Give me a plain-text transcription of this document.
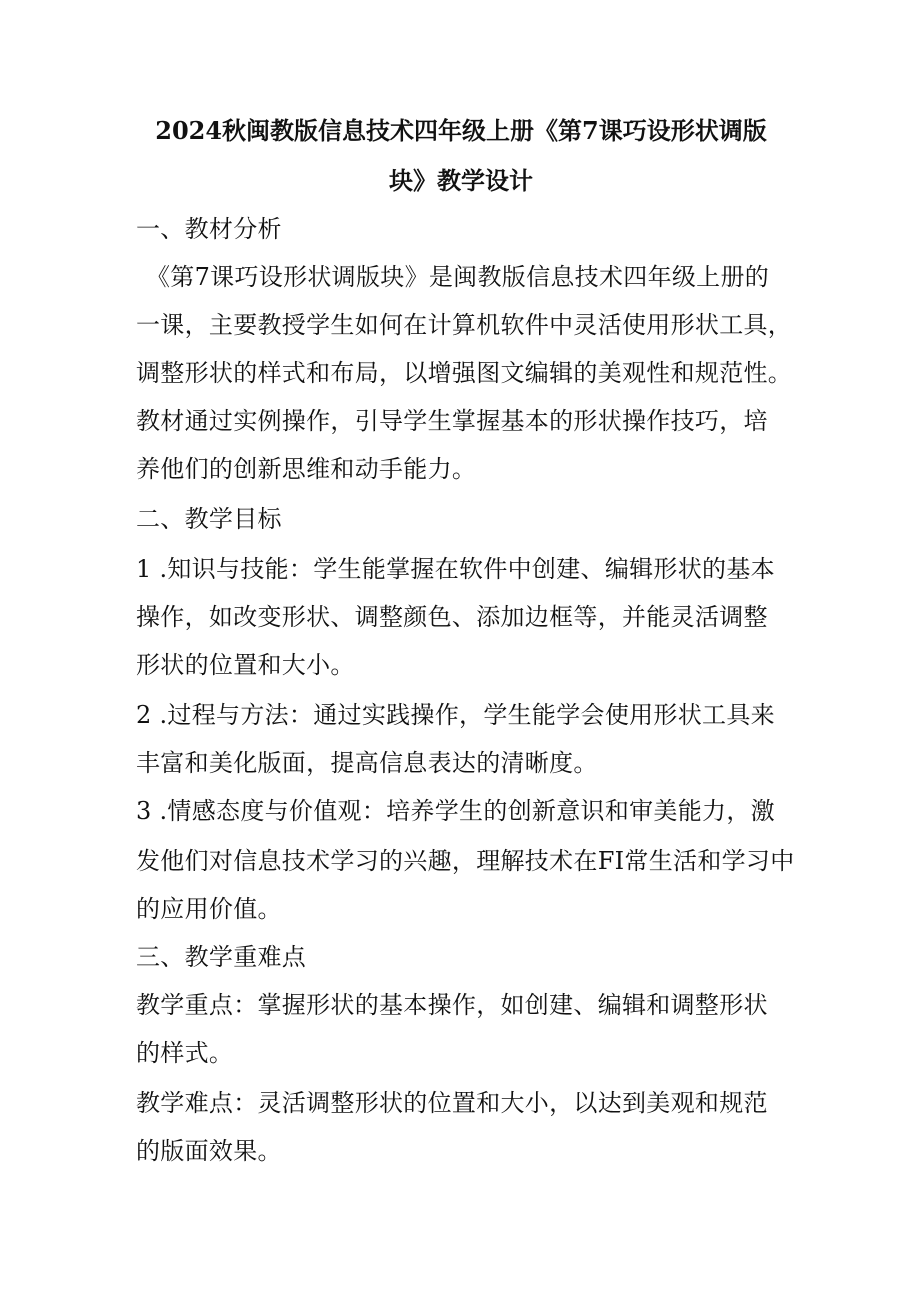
2024秋闽教版信息技术四年级上册《第7课巧设形状调版
块》教学设计
一、教材分析
《第7课巧设形状调版块》是闽教版信息技术四年级上册的
一课，主要教授学生如何在计算机软件中灵活使用形状工具，
调整形状的样式和布局，以增强图文编辑的美观性和规范性。
教材通过实例操作，引导学生掌握基本的形状操作技巧，培
养他们的创新思维和动手能力。
二、教学目标
1 .知识与技能：学生能掌握在软件中创建、编辑形状的基本
操作，如改变形状、调整颜色、添加边框等，并能灵活调整
形状的位置和大小。
2 .过程与方法：通过实践操作，学生能学会使用形状工具来
丰富和美化版面，提高信息表达的清晰度。
3 .情感态度与价值观：培养学生的创新意识和审美能力，激
发他们对信息技术学习的兴趣，理解技术在FI常生活和学习中
的应用价值。
三、教学重难点
教学重点：掌握形状的基本操作，如创建、编辑和调整形状
的样式。
教学难点：灵活调整形状的位置和大小，以达到美观和规范
的版面效果。
